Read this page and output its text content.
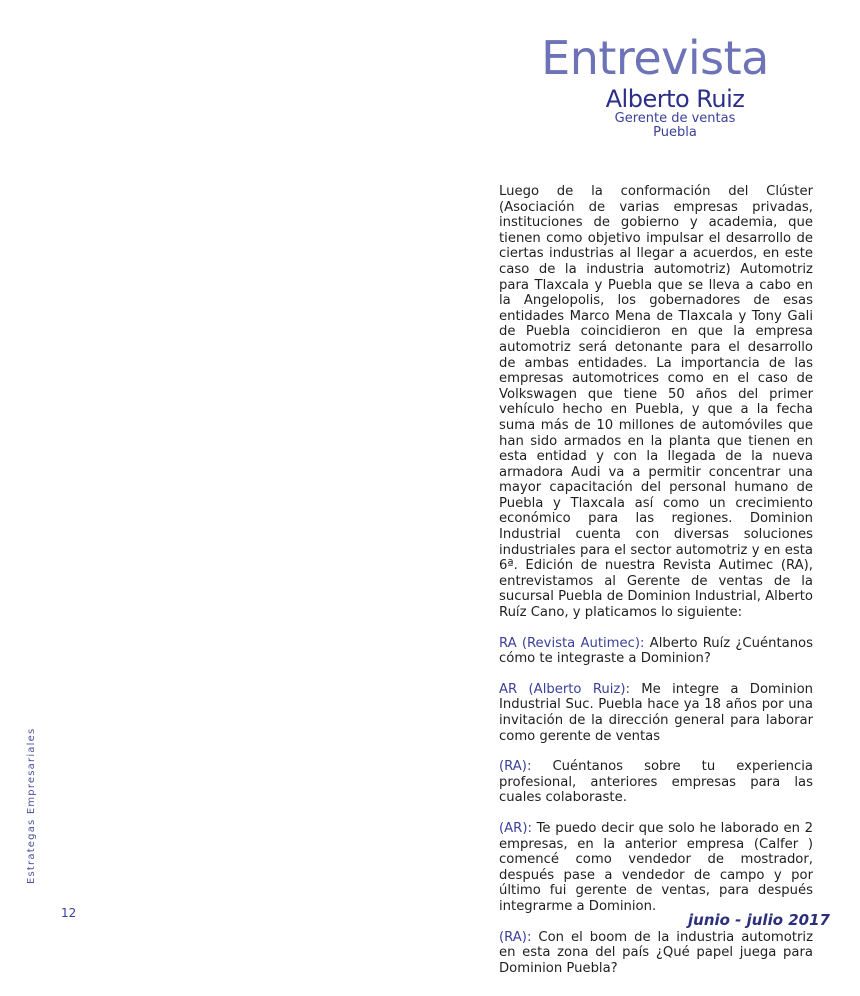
Entrevista
Alberto Ruiz
Gerente de ventas
Puebla

Luego de la conformación del Clúster (Asociación de varias empresas privadas, instituciones de gobierno y academia, que tienen como objetivo impulsar el desarrollo de ciertas industrias al llegar a acuerdos, en este caso de la industria automotriz) Automotriz para Tlaxcala y Puebla que se lleva a cabo en la Angelopolis, los gobernadores de esas entidades Marco Mena de Tlaxcala y Tony Gali de Puebla coincidieron en que la empresa automotriz será detonante para el desarrollo de ambas entidades. La importancia de las empresas automotrices como en el caso de Volkswagen que tiene 50 años del primer vehículo hecho en Puebla, y que a la fecha suma más de 10 millones de automóviles que han sido armados en la planta que tienen en esta entidad y con la llegada de la nueva armadora Audi va a permitir concentrar una mayor capacitación del personal humano de Puebla y Tlaxcala así como un crecimiento económico para las regiones. Dominion Industrial cuenta con diversas soluciones industriales para el sector automotriz y en esta 6ª. Edición de nuestra Revista Autimec (RA), entrevistamos al Gerente de ventas de la sucursal Puebla de Dominion Industrial, Alberto Ruíz Cano, y platicamos lo siguiente:

RA (Revista Autimec): Alberto Ruíz ¿Cuéntanos cómo te integraste a Dominion?

AR (Alberto Ruiz): Me integre a Dominion Industrial Suc. Puebla hace ya 18 años por una invitación de la dirección general para laborar como gerente de ventas

(RA): Cuéntanos sobre tu experiencia profesional, anteriores empresas para las cuales colaboraste.

(AR): Te puedo decir que solo he laborado en 2 empresas, en la anterior empresa (Calfer ) comencé como vendedor de mostrador, después pase a vendedor de campo y por último fui gerente de ventas, para después integrarme a Dominion.

(RA): Con el boom de la industria automotriz en esta zona del país ¿Qué papel juega para Dominion Puebla?

Estrategas Empresariales
12	junio - julio 2017
